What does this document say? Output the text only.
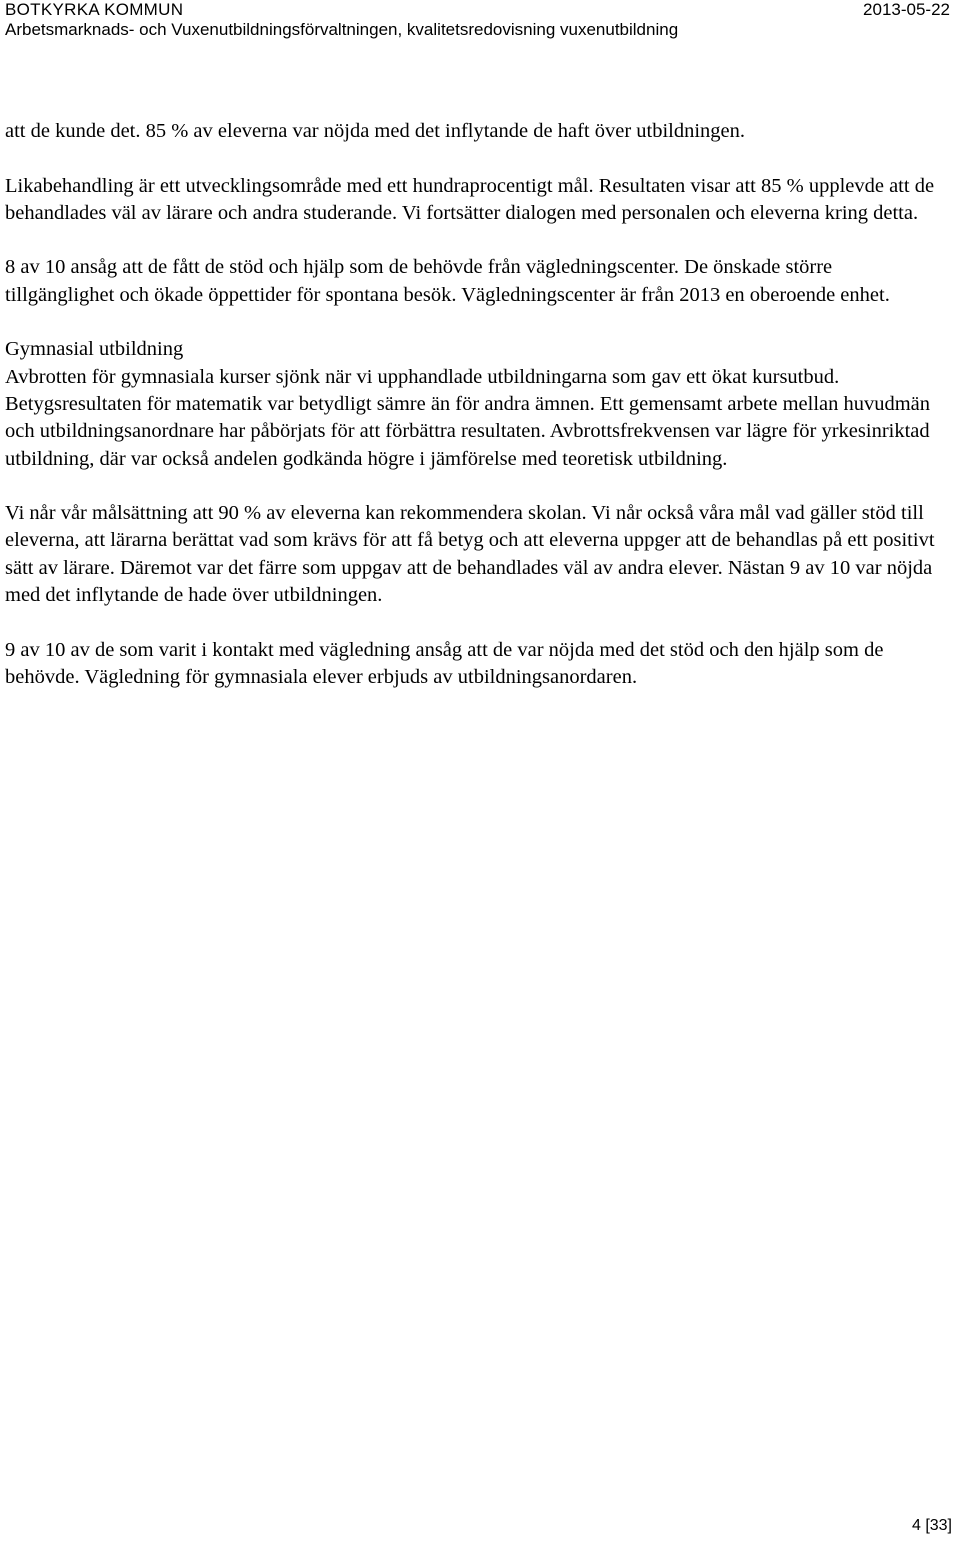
BOTKYRKA KOMMUN
Arbetsmarknads- och Vuxenutbildningsförvaltningen, kvalitetsredovisning vuxenutbildning
2013-05-22

att de kunde det. 85 % av eleverna var nöjda med det inflytande de haft över utbildningen.

Likabehandling är ett utvecklingsområde med ett hundraprocentigt mål. Resultaten visar att 85 % upplevde att de behandlades väl av lärare och andra studerande. Vi fortsätter dialogen med personalen och eleverna kring detta.

8 av 10 ansåg att de fått de stöd och hjälp som de behövde från vägledningscenter. De önskade större tillgänglighet och ökade öppettider för spontana besök. Vägledningscenter är från 2013 en oberoende enhet.

Gymnasial utbildning

Avbrotten för gymnasiala kurser sjönk när vi upphandlade utbildningarna som gav ett ökat kursutbud. Betygsresultaten för matematik var betydligt sämre än för andra ämnen. Ett gemensamt arbete mellan huvudmän och utbildningsanordnare har påbörjats för att förbättra resultaten. Avbrottsfrekvensen var lägre för yrkesinriktad utbildning, där var också andelen godkända högre i jämförelse med teoretisk utbildning.

Vi når vår målsättning att 90 % av eleverna kan rekommendera skolan. Vi når också våra mål vad gäller stöd till eleverna, att lärarna berättat vad som krävs för att få betyg och att eleverna uppger att de behandlas på ett positivt sätt av lärare. Däremot var det färre som uppgav att de behandlades väl av andra elever. Nästan 9 av 10 var nöjda med det inflytande de hade över utbildningen.

9 av 10 av de som varit i kontakt med vägledning ansåg att de var nöjda med det stöd och den hjälp som de behövde. Vägledning för gymnasiala elever erbjuds av utbildningsanordaren.

4 [33]
